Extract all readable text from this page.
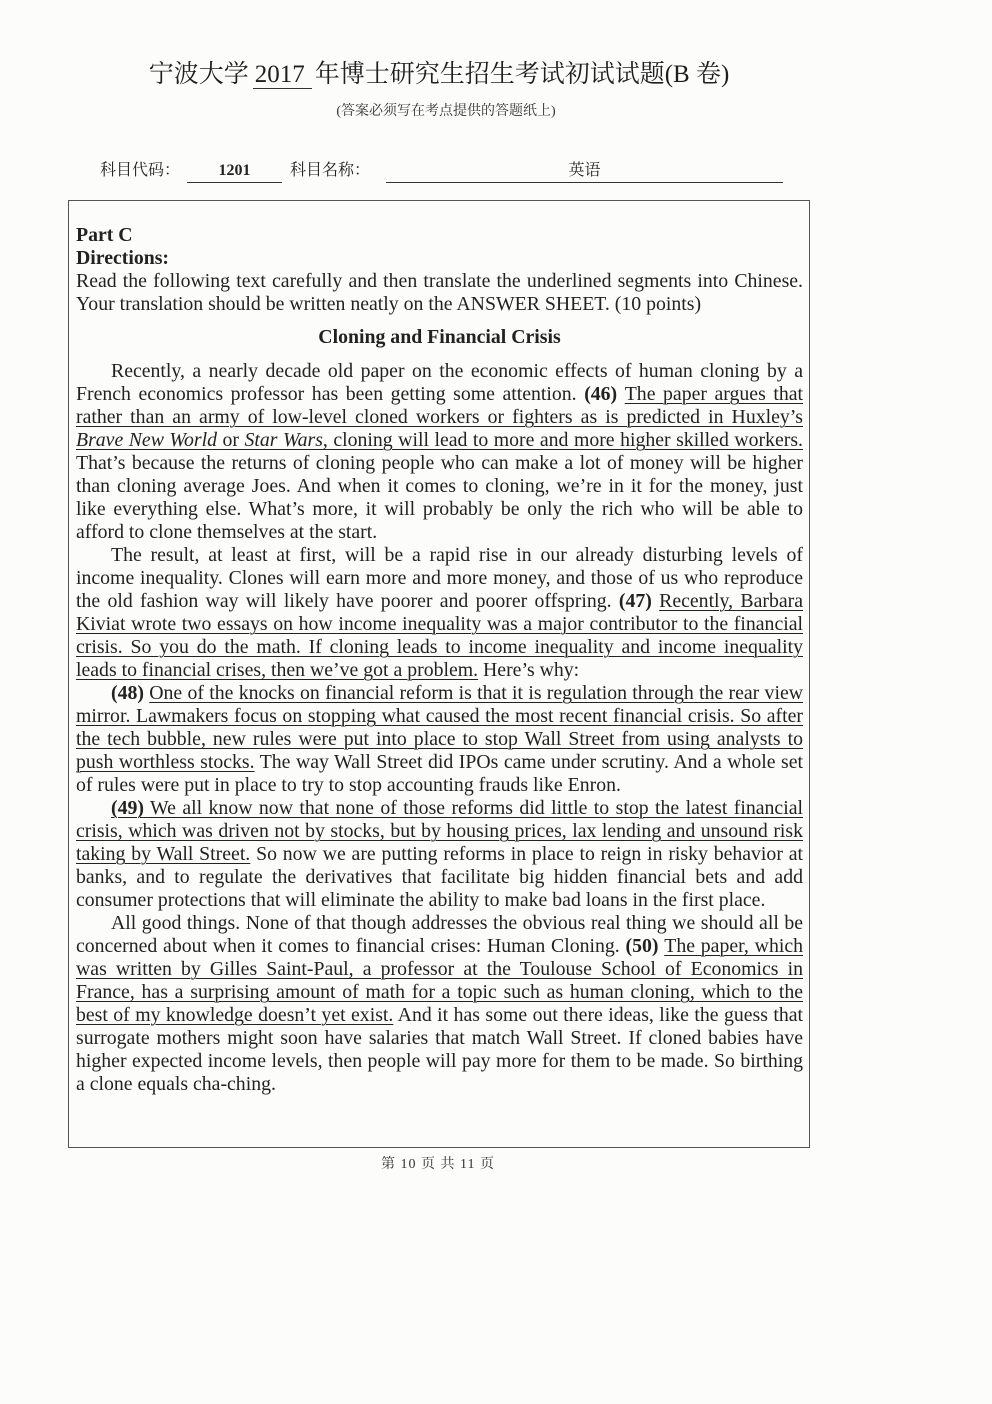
宁波大学 2017 年博士研究生招生考试初试试题(B 卷)
(答案必须写在考点提供的答题纸上)
科目代码：	1201	科目名称：	英语
Part C
Directions:

Read the following text carefully and then translate the underlined segments into Chinese. Your translation should be written neatly on the ANSWER SHEET. (10 points)

Cloning and Financial Crisis

Recently, a nearly decade old paper on the economic effects of human cloning by a French economics professor has been getting some attention. (46) The paper argues that rather than an army of low-level cloned workers or fighters as is predicted in Huxley’s Brave New World or Star Wars, cloning will lead to more and more higher skilled workers. That’s because the returns of cloning people who can make a lot of money will be higher than cloning average Joes. And when it comes to cloning, we’re in it for the money, just like everything else. What’s more, it will probably be only the rich who will be able to afford to clone themselves at the start.

The result, at least at first, will be a rapid rise in our already disturbing levels of income inequality. Clones will earn more and more money, and those of us who reproduce the old fashion way will likely have poorer and poorer offspring. (47) Recently, Barbara Kiviat wrote two essays on how income inequality was a major contributor to the financial crisis. So you do the math. If cloning leads to income inequality and income inequality leads to financial crises, then we’ve got a problem. Here’s why:

(48) One of the knocks on financial reform is that it is regulation through the rear view mirror. Lawmakers focus on stopping what caused the most recent financial crisis. So after the tech bubble, new rules were put into place to stop Wall Street from using analysts to push worthless stocks. The way Wall Street did IPOs came under scrutiny. And a whole set of rules were put in place to try to stop accounting frauds like Enron.

(49) We all know now that none of those reforms did little to stop the latest financial crisis, which was driven not by stocks, but by housing prices, lax lending and unsound risk taking by Wall Street. So now we are putting reforms in place to reign in risky behavior at banks, and to regulate the derivatives that facilitate big hidden financial bets and add consumer protections that will eliminate the ability to make bad loans in the first place.

All good things. None of that though addresses the obvious real thing we should all be concerned about when it comes to financial crises: Human Cloning. (50) The paper, which was written by Gilles Saint-Paul, a professor at the Toulouse School of Economics in France, has a surprising amount of math for a topic such as human cloning, which to the best of my knowledge doesn’t yet exist. And it has some out there ideas, like the guess that surrogate mothers might soon have salaries that match Wall Street. If cloned babies have higher expected income levels, then people will pay more for them to be made. So birthing a clone equals cha-ching.

第 10 页 共 11 页
